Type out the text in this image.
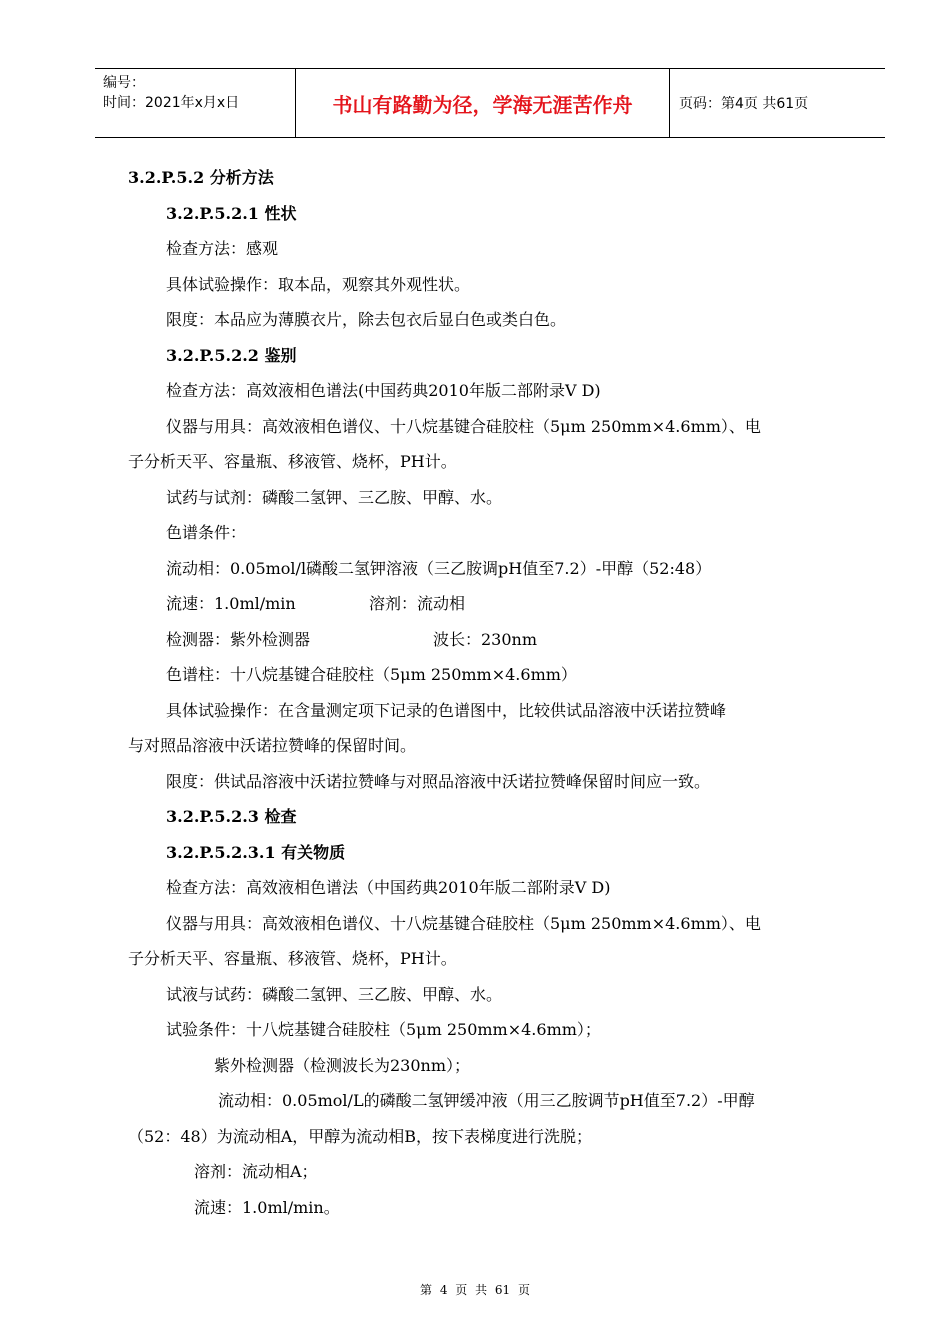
编号：
时间：2021年x月x日	书山有路勤为径，学海无涯苦作舟	页码：第4页 共61页
3.2.P.5.2 分析方法
3.2.P.5.2.1 性状
检查方法：感观
具体试验操作：取本品，观察其外观性状。
限度：本品应为薄膜衣片，除去包衣后显白色或类白色。
3.2.P.5.2.2 鉴别
检查方法：高效液相色谱法(中国药典2010年版二部附录Ⅴ D)
仪器与用具：高效液相色谱仪、十八烷基键合硅胶柱（5μm 250mm×4.6mm）、电
子分析天平、容量瓶、移液管、烧杯，PH计。
试药与试剂：磷酸二氢钾、三乙胺、甲醇、水。
色谱条件：
流动相：0.05mol/l磷酸二氢钾溶液（三乙胺调pH值至7.2）-甲醇（52:48）
流速：1.0ml/min	溶剂：流动相
检测器：紫外检测器	波长：230nm
色谱柱：十八烷基键合硅胶柱（5μm 250mm×4.6mm）
具体试验操作：在含量测定项下记录的色谱图中，比较供试品溶液中沃诺拉赞峰
与对照品溶液中沃诺拉赞峰的保留时间。
限度：供试品溶液中沃诺拉赞峰与对照品溶液中沃诺拉赞峰保留时间应一致。
3.2.P.5.2.3 检查
3.2.P.5.2.3.1 有关物质
检查方法：高效液相色谱法（中国药典2010年版二部附录Ⅴ D)
仪器与用具：高效液相色谱仪、十八烷基键合硅胶柱（5μm 250mm×4.6mm）、电
子分析天平、容量瓶、移液管、烧杯，PH计。
试液与试药：磷酸二氢钾、三乙胺、甲醇、水。
试验条件：十八烷基键合硅胶柱（5μm 250mm×4.6mm）；
紫外检测器（检测波长为230nm）；
流动相：0.05mol/L的磷酸二氢钾缓冲液（用三乙胺调节pH值至7.2）-甲醇
（52：48）为流动相A，甲醇为流动相B，按下表梯度进行洗脱；
溶剂：流动相A；
流速：1.0ml/min。
第 4 页 共 61 页
